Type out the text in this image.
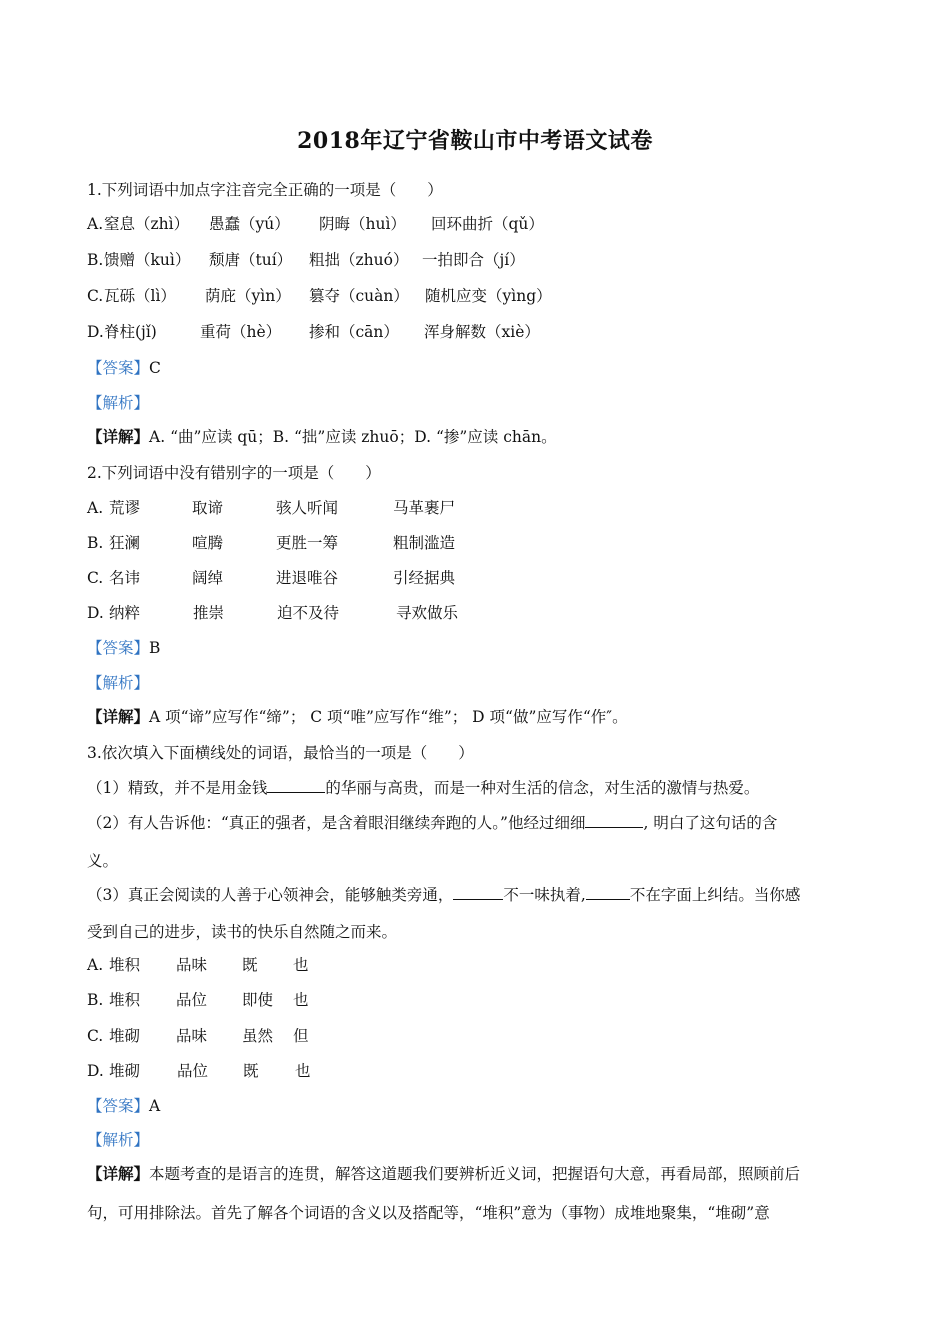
2018年辽宁省鞍山市中考语文试卷
1.下列词语中加点字注音完全正确的一项是（　　）
A. 窒息（zhì） 愚蠢（yú） 阴晦（huì） 回环曲折（qǔ）
B. 馈赠（kuì） 颓唐（tuí） 粗拙（zhuó） 一拍即合（jí）
C. 瓦砾（lì） 荫庇（yìn） 篡夺（cuàn） 随机应变（yìng）
D. 脊柱(jǐ)	重荷（hè） 掺和（cān） 浑身解数（xiè）
【答案】C
【解析】
【详解】A. “曲”应读 qū；B. “拙”应读 zhuō；D. “掺”应读 chān。
2.下列词语中没有错别字的一项是（　　）
A. 荒谬	取谛	骇人听闻	马革裹尸
B. 狂澜	喧腾	更胜一筹	粗制滥造
C. 名讳	阔绰	进退唯谷	引经据典
D. 纳粹	推崇	迫不及待	寻欢做乐
【答案】B
【解析】
【详解】A 项“谛”应写作“缔”； C 项“唯”应写作“维”； D 项“做”应写作“作″。
3.依次填入下面横线处的词语，最恰当的一项是（　　）
（1）精致，并不是用金钱	的华丽与高贵，而是一种对生活的信念，对生活的激情与热爱。
（2）有人告诉他：“真正的强者，是含着眼泪继续奔跑的人。”他经过细细	, 明白了这句话的含
义。
（3）真正会阅读的人善于心领神会，能够触类旁通，	不一味执着,	不在字面上纠结。当你感
受到自己的进步，读书的快乐自然随之而来。
A. 堆积 品味 既 也
B. 堆积 品位 即使 也
C. 堆砌 品味 虽然 但
D. 堆砌 品位 既 也
【答案】A
【解析】
【详解】本题考查的是语言的连贯，解答这道题我们要辨析近义词，把握语句大意，再看局部，照顾前后
句，可用排除法。首先了解各个词语的含义以及搭配等，“堆积”意为（事物）成堆地聚集，“堆砌”意
